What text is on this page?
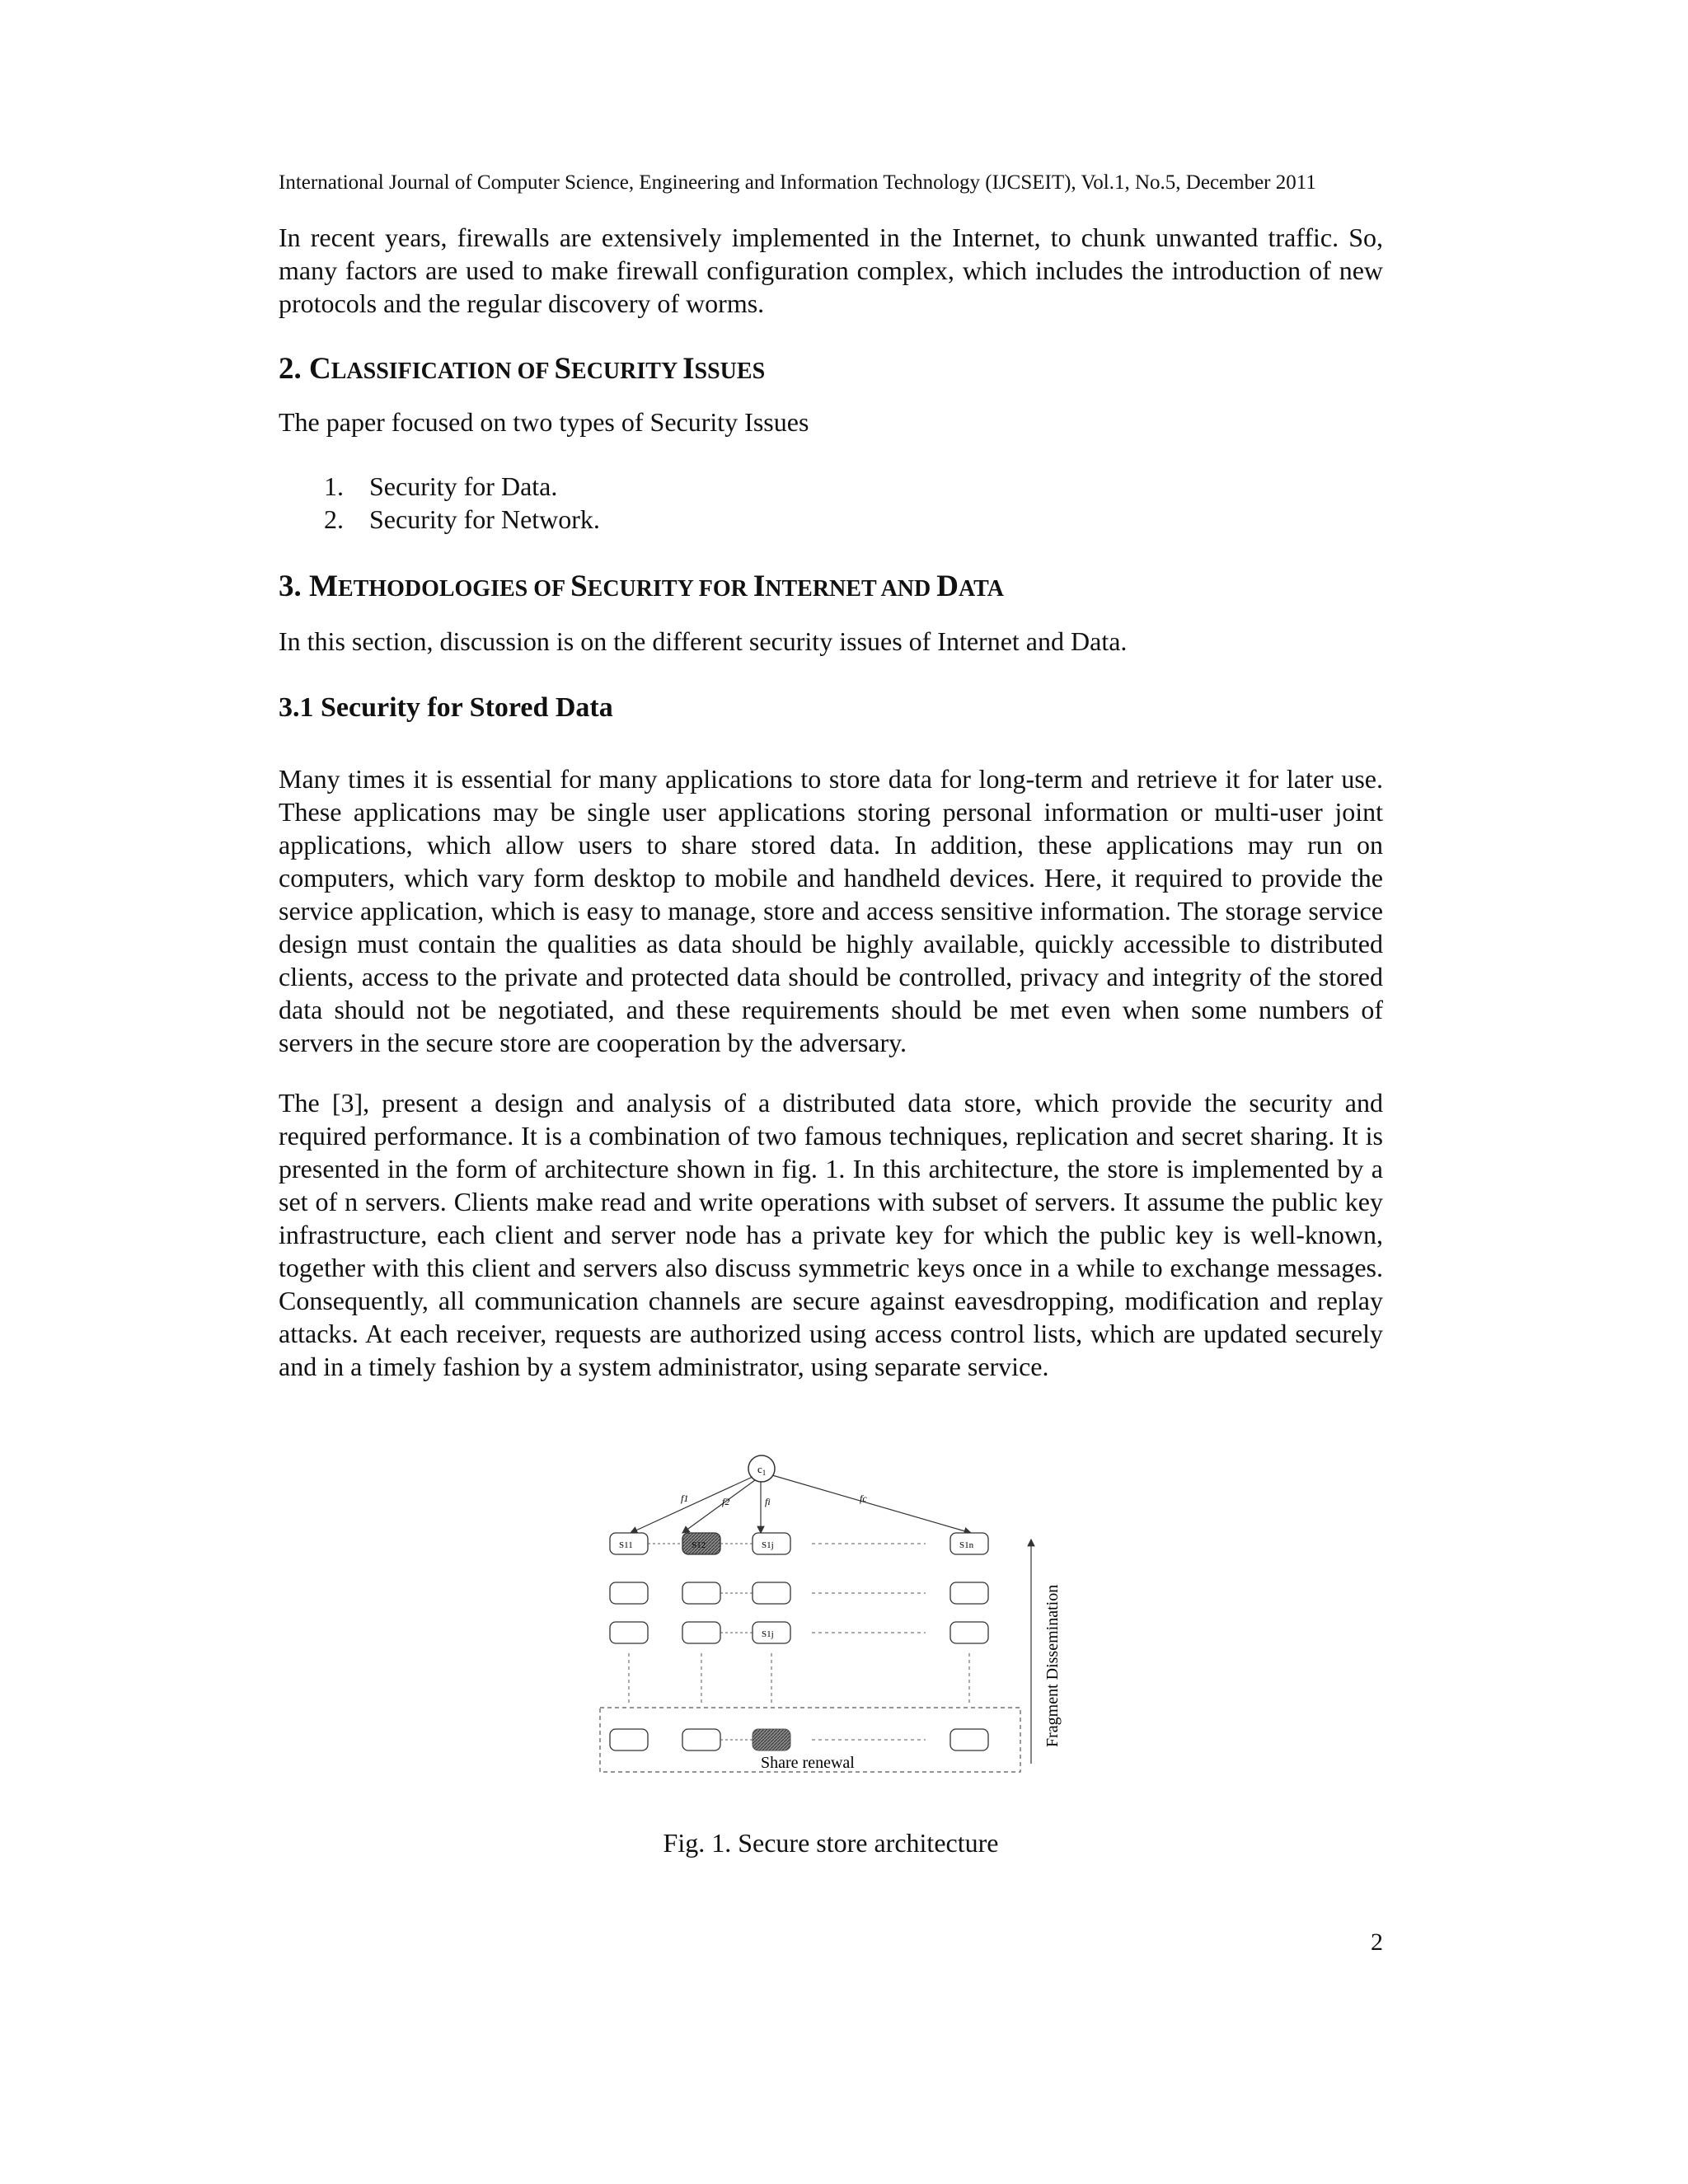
International Journal of Computer Science, Engineering and Information Technology (IJCSEIT), Vol.1, No.5, December 2011

In recent years, firewalls are extensively implemented in the Internet, to chunk unwanted traffic. So, many factors are used to make firewall configuration complex, which includes the introduction of new protocols and the regular discovery of worms.

2. CLASSIFICATION OF SECURITY ISSUES

The paper focused on two types of Security Issues

1. Security for Data.
2. Security for Network.
3. METHODOLOGIES OF SECURITY FOR INTERNET AND DATA

In this section, discussion is on the different security issues of Internet and Data.

3.1 Security for Stored Data

Many times it is essential for many applications to store data for long-term and retrieve it for later use. These applications may be single user applications storing personal information or multi-user joint applications, which allow users to share stored data. In addition, these applications may run on computers, which vary form desktop to mobile and handheld devices. Here, it required to provide the service application, which is easy to manage, store and access sensitive information. The storage service design must contain the qualities as data should be highly available, quickly accessible to distributed clients, access to the private and protected data should be controlled, privacy and integrity of the stored data should not be negotiated, and these requirements should be met even when some numbers of servers in the secure store are cooperation by the adversary.

The [3], present a design and analysis of a distributed data store, which provide the security and required performance. It is a combination of two famous techniques, replication and secret sharing. It is presented in the form of architecture shown in fig. 1. In this architecture, the store is implemented by a set of n servers. Clients make read and write operations with subset of servers. It assume the public key infrastructure, each client and server node has a private key for which the public key is well-known, together with this client and servers also discuss symmetric keys once in a while to exchange messages. Consequently, all communication channels are secure against eavesdropping, modification and replay attacks. At each receiver, requests are authorized using access control lists, which are updated securely and in a timely fashion by a system administrator, using separate service.

$c_1$
f1	f2	fi	fc
S11	S12	S1j	S1n
S1j
Share renewal
Fragment Dissemination
Fig. 1. Secure store architecture
2
